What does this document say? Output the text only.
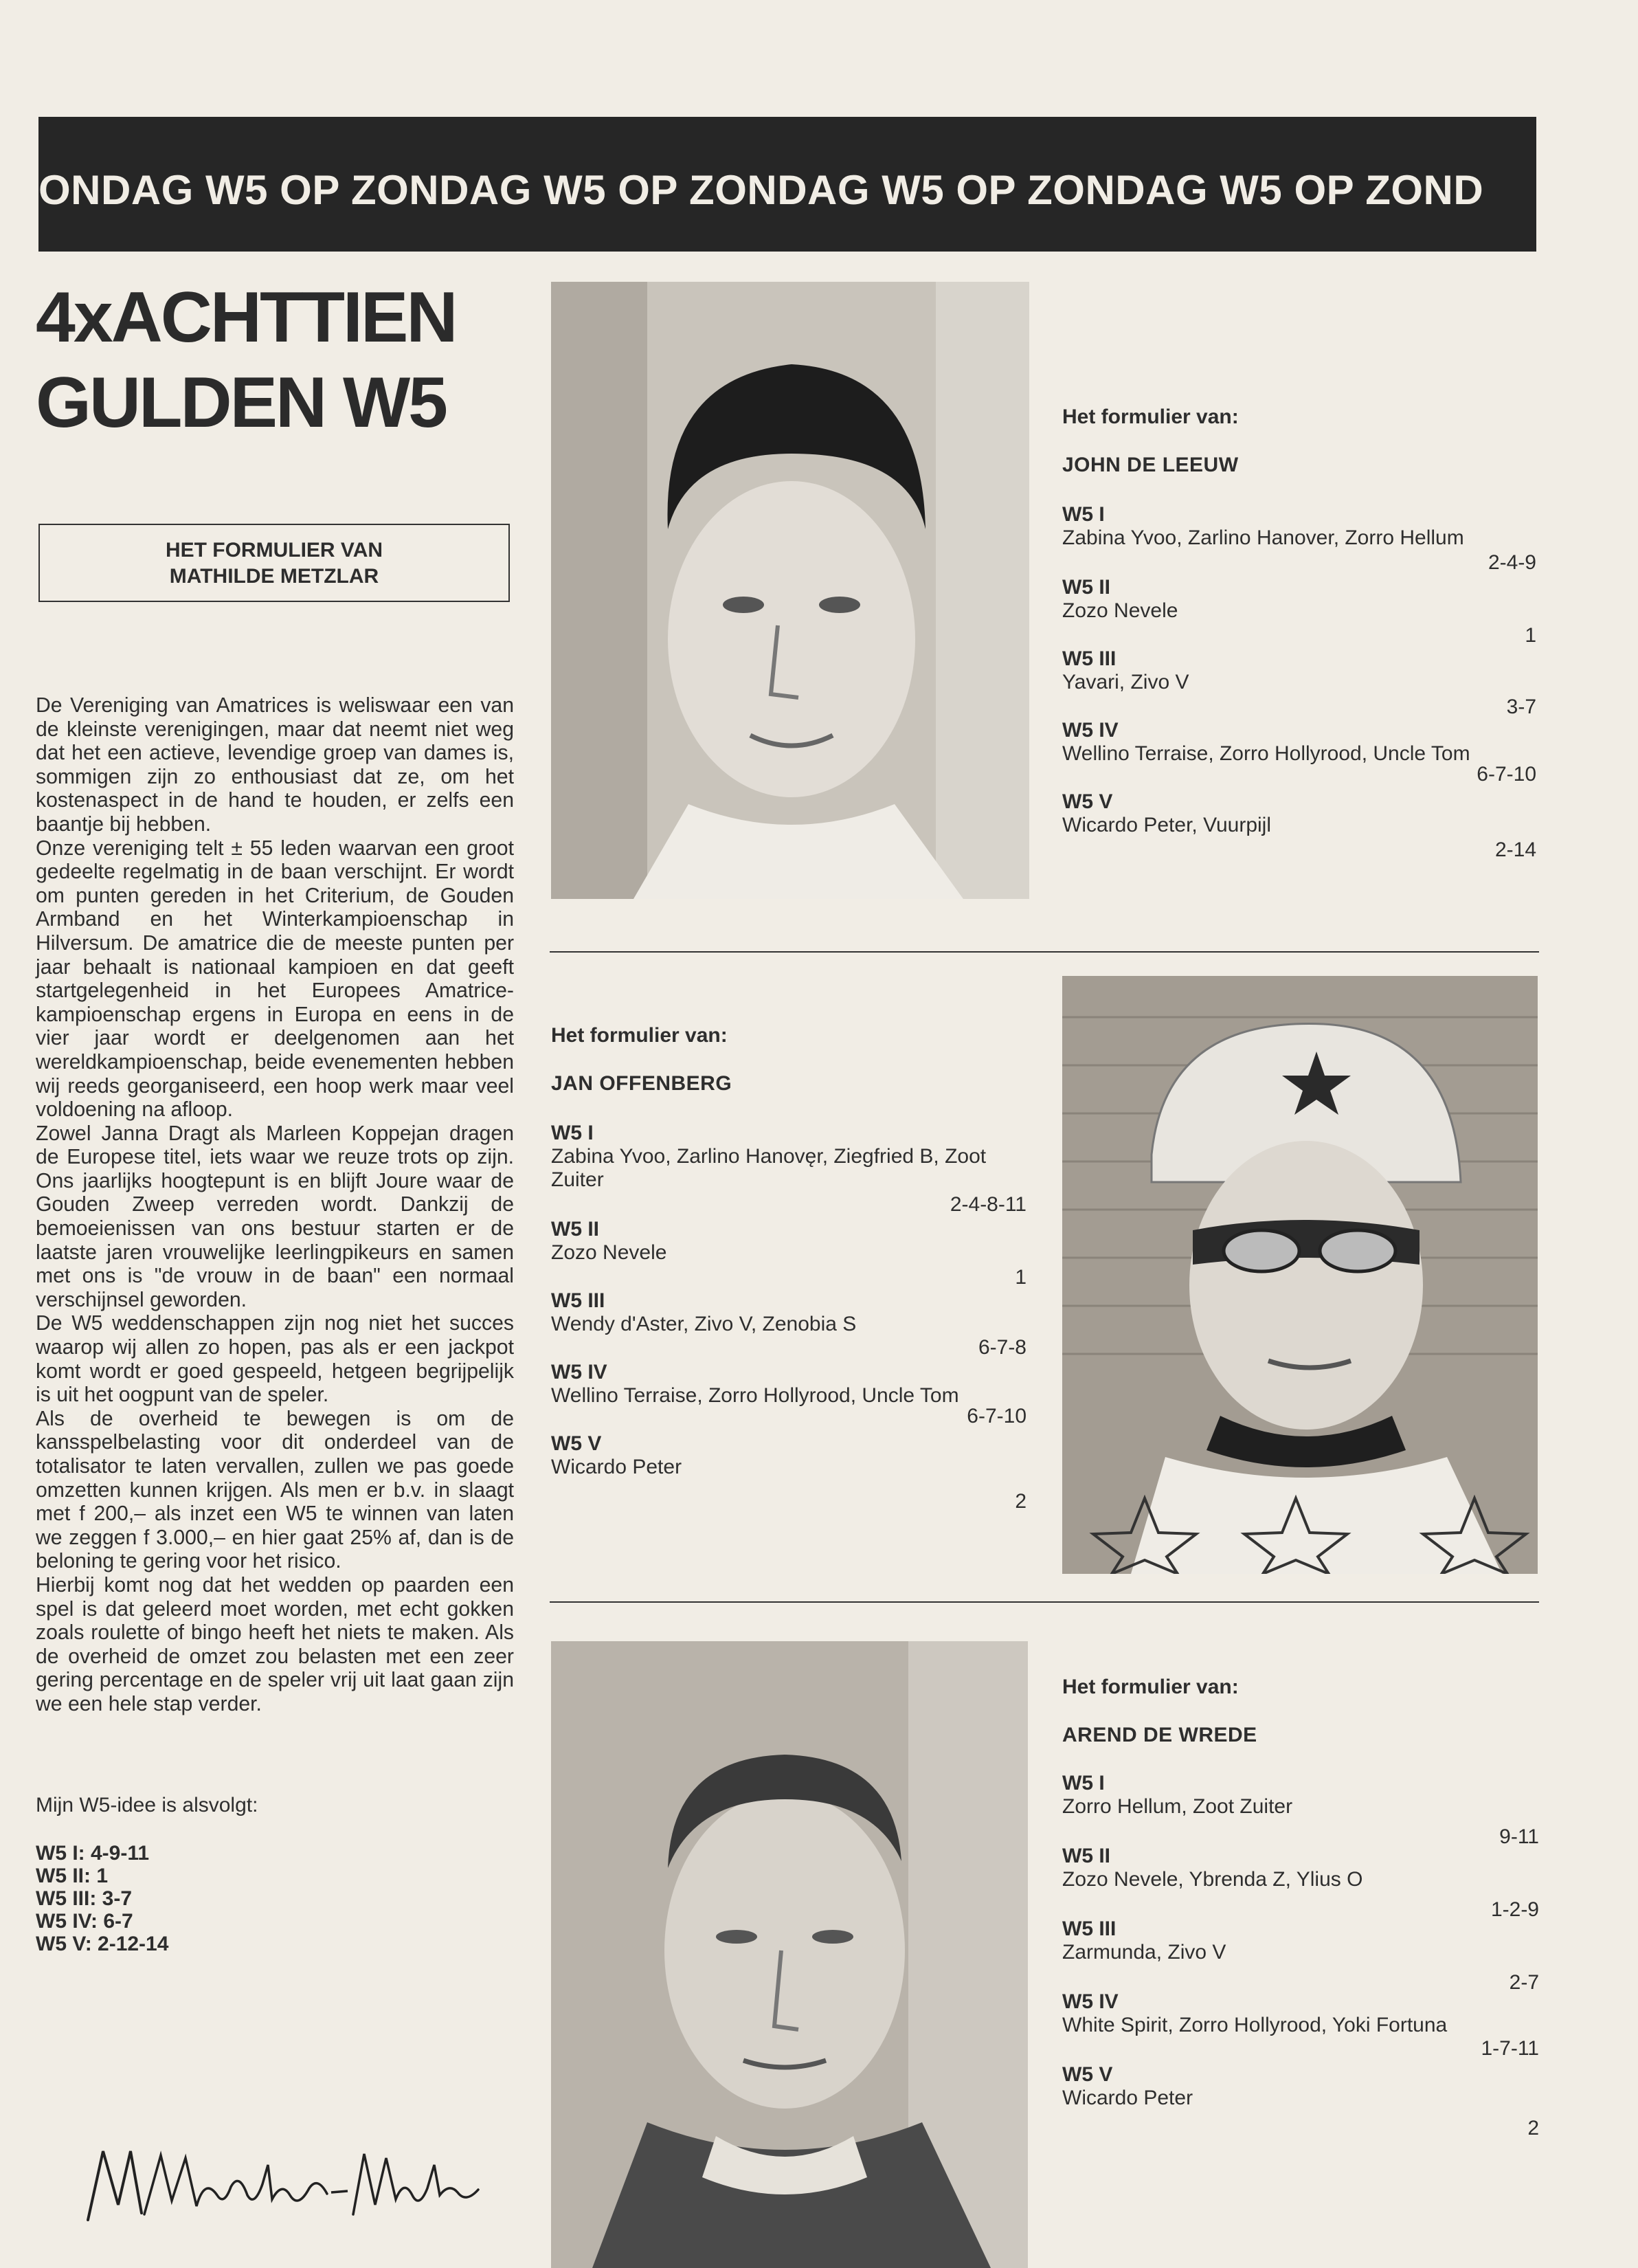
ONDAG W5 OP ZONDAG W5 OP ZONDAG W5 OP ZONDAG W5 OP ZOND
4xACHTTIEN
GULDEN W5
HET FORMULIER VAN
MATHILDE METZLAR

De Vereniging van Amatrices is weliswaar een van de kleinste verenigingen, maar dat neemt niet weg dat het een actieve, levendige groep van dames is, sommigen zijn zo enthousiast dat ze, om het kostenaspect in de hand te houden, er zelfs een baantje bij hebben.

Onze vereniging telt ± 55 leden waarvan een groot gedeelte regelmatig in de baan verschijnt. Er wordt om punten gereden in het Criterium, de Gouden Armband en het Winterkampioenschap in Hilversum. De amatrice die de meeste punten per jaar behaalt is nationaal kampioen en dat geeft startgelegenheid in het Europees Amatrice-kampioenschap ergens in Europa en eens in de vier jaar wordt er deelgenomen aan het wereldkampioenschap, beide evenementen hebben wij reeds georganiseerd, een hoop werk maar veel voldoening na afloop.

Zowel Janna Dragt als Marleen Koppejan dragen de Europese titel, iets waar we reuze trots op zijn. Ons jaarlijks hoogtepunt is en blijft Joure waar de Gouden Zweep verreden wordt. Dankzij de bemoeienissen van ons bestuur starten er de laatste jaren vrouwelijke leerlingpikeurs en samen met ons is "de vrouw in de baan" een normaal verschijnsel geworden.

De W5 weddenschappen zijn nog niet het succes waarop wij allen zo hopen, pas als er een jackpot komt wordt er goed gespeeld, hetgeen begrijpelijk is uit het oogpunt van de speler.

Als de overheid te bewegen is om de kansspelbelasting voor dit onderdeel van de totalisator te laten vervallen, zullen we pas goede omzetten kunnen krijgen. Als men er b.v. in slaagt met f 200,– als inzet een W5 te winnen van laten we zeggen f 3.000,– en hier gaat 25% af, dan is de beloning te gering voor het risico.

Hierbij komt nog dat het wedden op paarden een spel is dat geleerd moet worden, met echt gokken zoals roulette of bingo heeft het niets te maken. Als de overheid de omzet zou belasten met een zeer gering percentage en de speler vrij uit laat gaan zijn we een hele stap verder.

Mijn W5-idee is alsvolgt:
W5 I: 4-9-11
W5 II: 1
W5 III: 3-7
W5 IV: 6-7
W5 V: 2-12-14
Het formulier van:
JOHN DE LEEUW
W5 I
Zabina Yvoo, Zarlino Hanover, Zorro Hellum
2-4-9
W5 II
Zozo Nevele
1
W5 III
Yavari, Zivo V
3-7
W5 IV
Wellino Terraise, Zorro Hollyrood, Uncle Tom
6-7-10
W5 V
Wicardo Peter, Vuurpijl
2-14
Het formulier van:
JAN OFFENBERG
W5 I
Zabina Yvoo, Zarlino Hanovęr, Ziegfried B, Zoot Zuiter
2-4-8-11
W5 II
Zozo Nevele
1
W5 III
Wendy d'Aster, Zivo V, Zenobia S
6-7-8
W5 IV
Wellino Terraise, Zorro Hollyrood, Uncle Tom
6-7-10
W5 V
Wicardo Peter
2
Het formulier van:
AREND DE WREDE
W5 I
Zorro Hellum, Zoot Zuiter
9-11
W5 II
Zozo Nevele, Ybrenda Z, Ylius O
1-2-9
W5 III
Zarmunda, Zivo V
2-7
W5 IV
White Spirit, Zorro Hollyrood, Yoki Fortuna
1-7-11
W5 V
Wicardo Peter
2
